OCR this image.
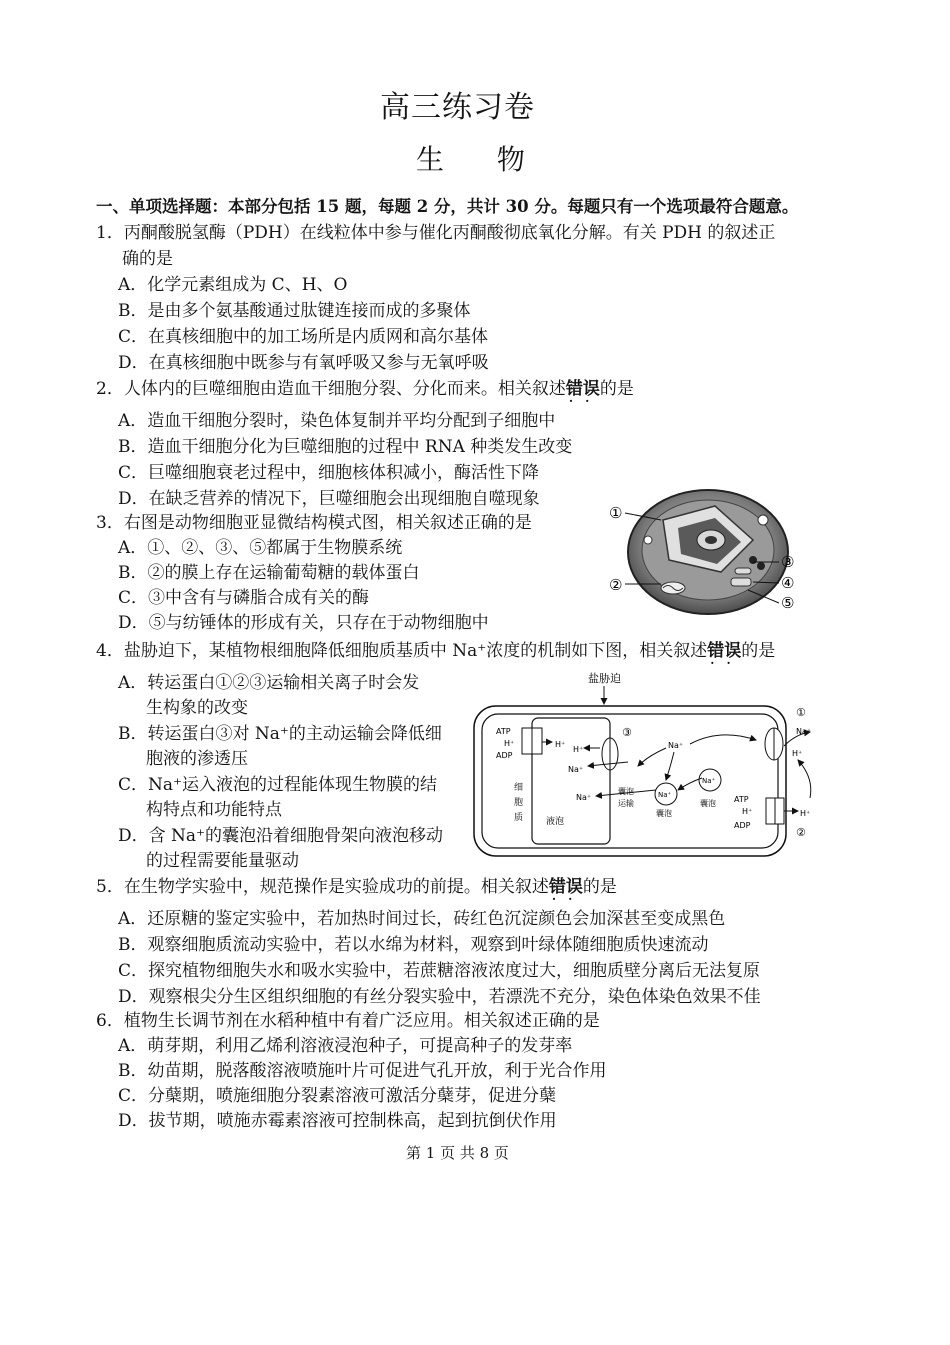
高三练习卷
生 物
一、单项选择题：本部分包括 15 题，每题 2 分，共计 30 分。每题只有一个选项最符合题意。
1．丙酮酸脱氢酶（PDH）在线粒体中参与催化丙酮酸彻底氧化分解。有关 PDH 的叙述正
确的是
A．化学元素组成为 C、H、O
B．是由多个氨基酸通过肽键连接而成的多聚体
C．在真核细胞中的加工场所是内质网和高尔基体
D．在真核细胞中既参与有氧呼吸又参与无氧呼吸
2．人体内的巨噬细胞由造血干细胞分裂、分化而来。相关叙述错误 · ·的是
A．造血干细胞分裂时，染色体复制并平均分配到子细胞中
B．造血干细胞分化为巨噬细胞的过程中 RNA 种类发生改变
C．巨噬细胞衰老过程中，细胞核体积减小，酶活性下降
D．在缺乏营养的情况下，巨噬细胞会出现细胞自噬现象
3．右图是动物细胞亚显微结构模式图，相关叙述正确的是
A．①、②、③、⑤都属于生物膜系统
B．②的膜上存在运输葡萄糖的载体蛋白
C．③中含有与磷脂合成有关的酶
D．⑤与纺锤体的形成有关，只存在于动物细胞中
①
②
③
④
⑤
4．盐胁迫下，某植物根细胞降低细胞质基质中 Na⁺浓度的机制如下图，相关叙述错误 · ·的是
A．转运蛋白①②③运输相关离子时会发
生构象的改变
B．转运蛋白③对 Na⁺的主动运输会降低细
胞液的渗透压
C．Na⁺运入液泡的过程能体现生物膜的结
构特点和功能特点
D．含 Na⁺的囊泡沿着细胞骨架向液泡移动
的过程需要能量驱动
盐胁迫
ATP
H⁺
ADP
H⁺
③
H⁺
Na⁺
Na⁺
细
胞
质	液泡
囊泡
运输
Na⁺
囊泡
Na⁺
囊泡
Na⁺
①
Na⁺
H⁺
ATP
H⁺
ADP
H⁺
②
5．在生物学实验中，规范操作是实验成功的前提。相关叙述错误 · ·的是
A．还原糖的鉴定实验中，若加热时间过长，砖红色沉淀颜色会加深甚至变成黑色
B．观察细胞质流动实验中，若以水绵为材料，观察到叶绿体随细胞质快速流动
C．探究植物细胞失水和吸水实验中，若蔗糖溶液浓度过大，细胞质壁分离后无法复原
D．观察根尖分生区组织细胞的有丝分裂实验中，若漂洗不充分，染色体染色效果不佳
6．植物生长调节剂在水稻种植中有着广泛应用。相关叙述正确的是
A．萌芽期，利用乙烯利溶液浸泡种子，可提高种子的发芽率
B．幼苗期，脱落酸溶液喷施叶片可促进气孔开放，利于光合作用
C．分蘖期，喷施细胞分裂素溶液可激活分蘖芽，促进分蘖
D．拔节期，喷施赤霉素溶液可控制株高，起到抗倒伏作用
第 1 页 共 8 页
